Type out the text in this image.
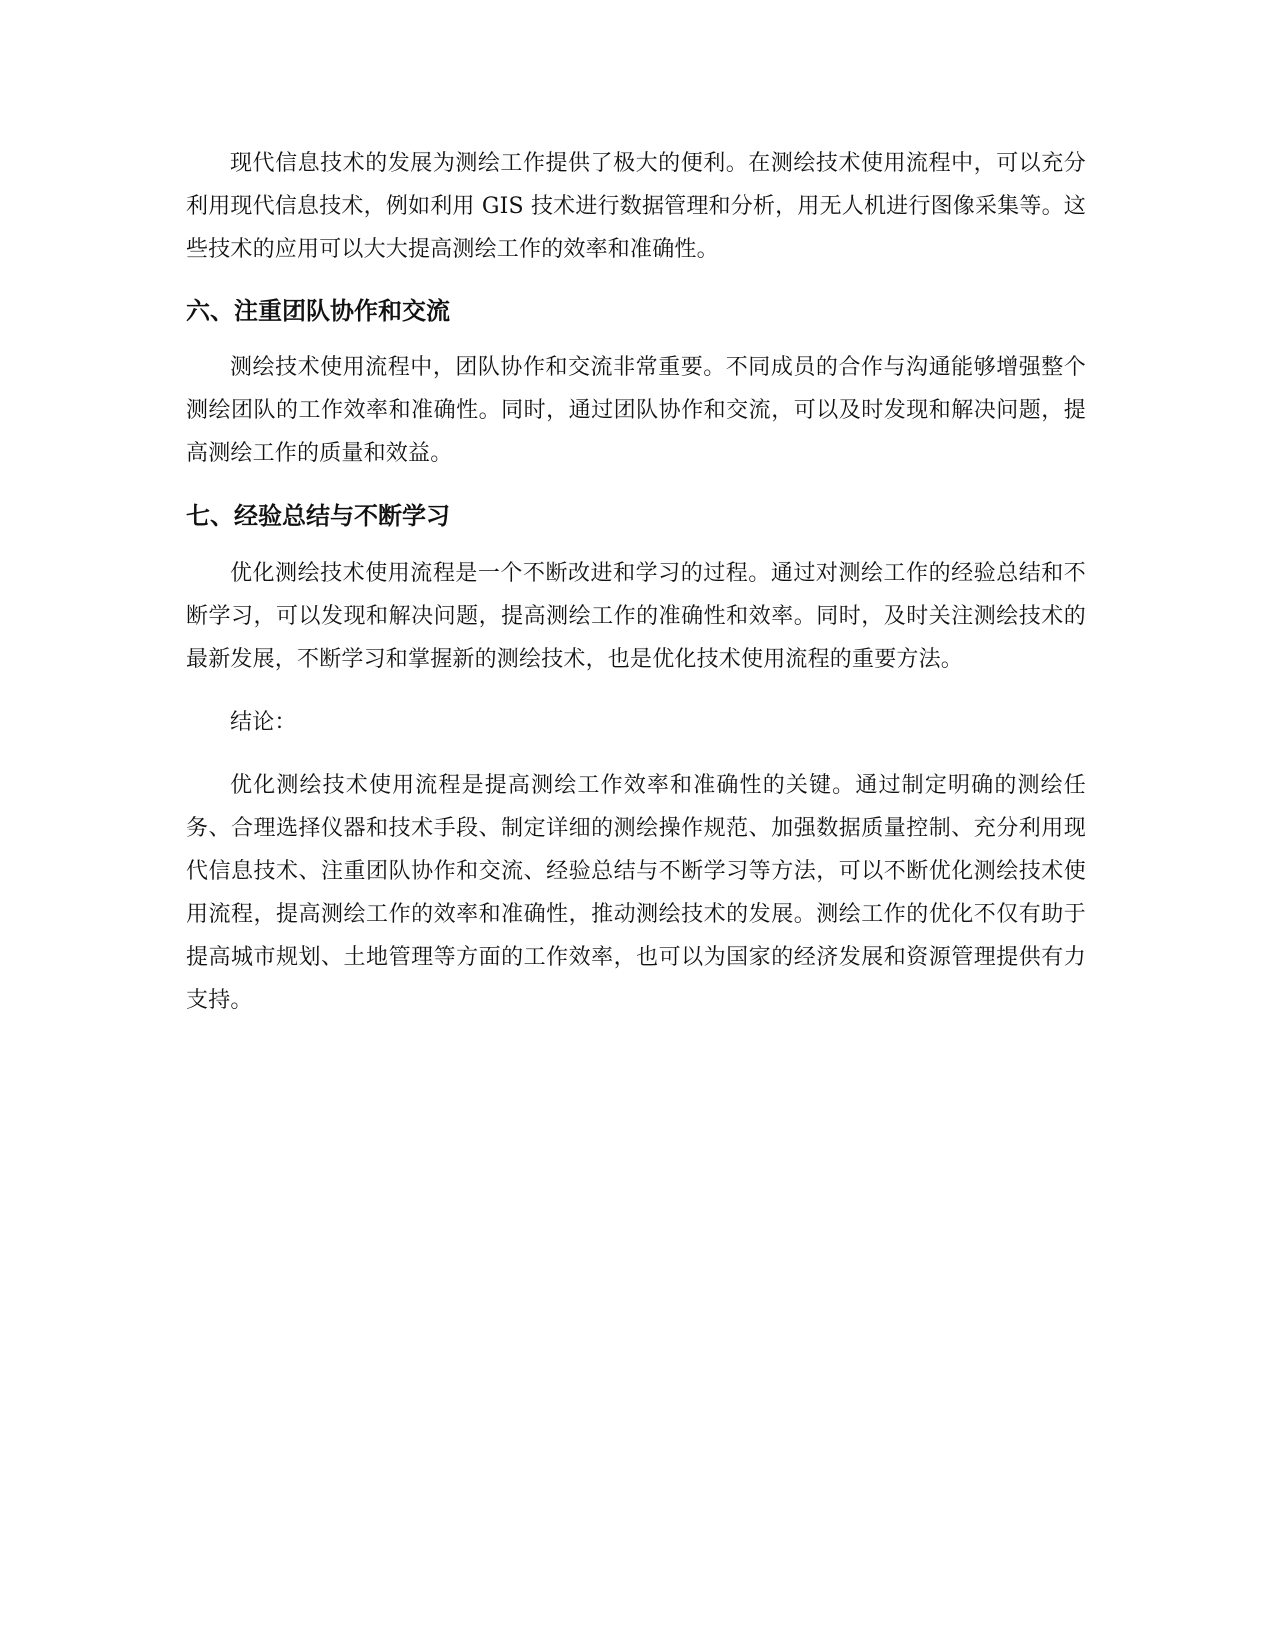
现代信息技术的发展为测绘工作提供了极大的便利。在测绘技术使用流程中，可以充分利用现代信息技术，例如利用 GIS 技术进行数据管理和分析，用无人机进行图像采集等。这些技术的应用可以大大提高测绘工作的效率和准确性。

六、注重团队协作和交流

测绘技术使用流程中，团队协作和交流非常重要。不同成员的合作与沟通能够增强整个测绘团队的工作效率和准确性。同时，通过团队协作和交流，可以及时发现和解决问题，提高测绘工作的质量和效益。

七、经验总结与不断学习

优化测绘技术使用流程是一个不断改进和学习的过程。通过对测绘工作的经验总结和不断学习，可以发现和解决问题，提高测绘工作的准确性和效率。同时，及时关注测绘技术的最新发展，不断学习和掌握新的测绘技术，也是优化技术使用流程的重要方法。

结论：

优化测绘技术使用流程是提高测绘工作效率和准确性的关键。通过制定明确的测绘任务、合理选择仪器和技术手段、制定详细的测绘操作规范、加强数据质量控制、充分利用现代信息技术、注重团队协作和交流、经验总结与不断学习等方法，可以不断优化测绘技术使用流程，提高测绘工作的效率和准确性，推动测绘技术的发展。测绘工作的优化不仅有助于提高城市规划、土地管理等方面的工作效率，也可以为国家的经济发展和资源管理提供有力支持。
